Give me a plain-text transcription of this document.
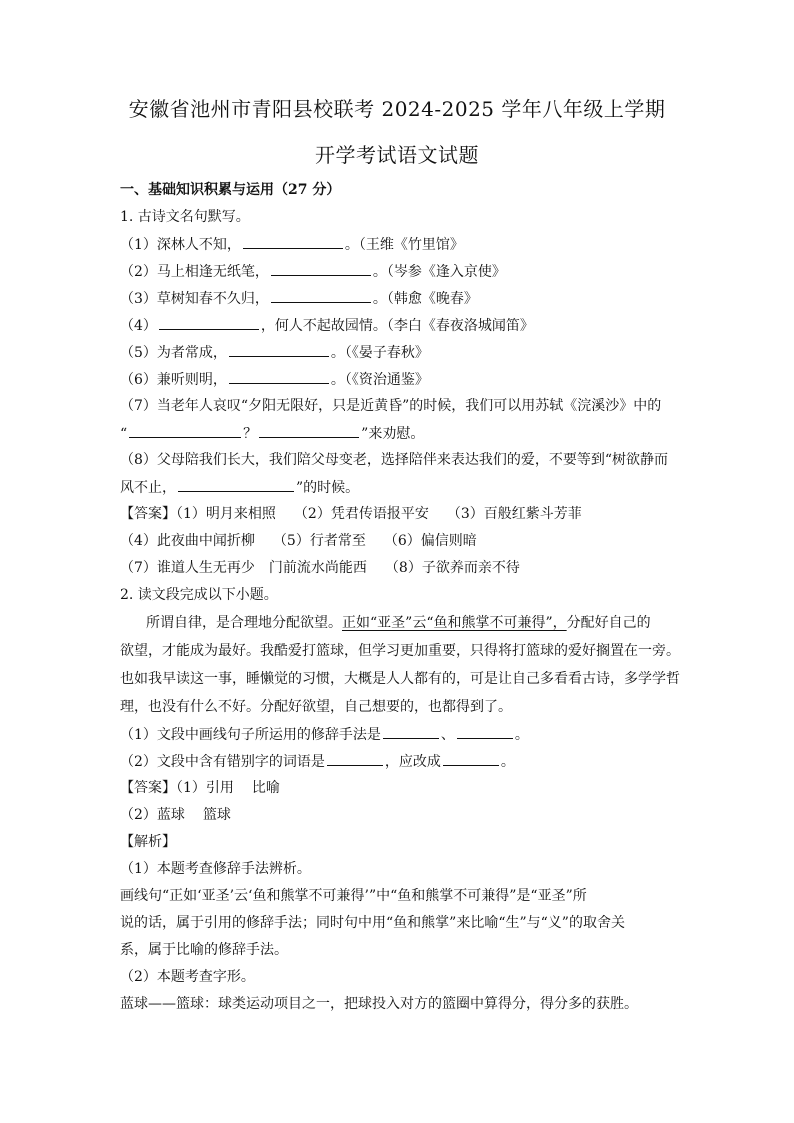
安徽省池州市青阳县校联考 2024-2025 学年八年级上学期
开学考试语文试题
一、基础知识积累与运用（27 分）
1. 古诗文名句默写。
（1）深林人不知，	。（王维《竹里馆》
（2）马上相逢无纸笔，	。（岑参《逢入京使》
（3）草树知春不久归，	。（韩愈《晚春》
（4）	，何人不起故园情。（李白《春夜洛城闻笛》
（5）为者常成，	。（《晏子春秋》
（6）兼听则明，	。（《资治通鉴》
（7）当老年人哀叹“夕阳无限好，只是近黄昏”的时候，我们可以用苏轼《浣溪沙》中的
“	？	”来劝慰。
（8）父母陪我们长大，我们陪父母变老，选择陪伴来表达我们的爱，不要等到“树欲静而
风不止，	”的时候。
【答案】（1）明月来相照 （2）凭君传语报平安 （3）百般红紫斗芳菲
（4）此夜曲中闻折柳 （5）行者常至 （6）偏信则暗
（7）谁道人生无再少　门前流水尚能西 （8）子欲养而亲不待
2. 读文段完成以下小题。
所谓自律，是合理地分配欲望。正如“亚圣”云“鱼和熊掌不可兼得”，分配好自己的
欲望，才能成为最好。我酷爱打篮球，但学习更加重要，只得将打篮球的爱好搁置在一旁。
也如我早读这一事，睡懒觉的习惯，大概是人人都有的，可是让自己多看看古诗，多学学哲
理，也没有什么不好。分配好欲望，自己想要的，也都得到了。
（1）文段中画线句子所运用的修辞手法是	、	。
（2）文段中含有错别字的词语是	，应改成	。
【答案】（1）引用 比喻
（2）蓝球 篮球
【解析】
（1）本题考查修辞手法辨析。
画线句“正如‘亚圣’云‘鱼和熊掌不可兼得’”中“鱼和熊掌不可兼得”是“亚圣”所
说的话，属于引用的修辞手法；同时句中用“鱼和熊掌”来比喻“生”与“义”的取舍关
系，属于比喻的修辞手法。
（2）本题考查字形。
蓝球——篮球：球类运动项目之一，把球投入对方的篮圈中算得分，得分多的获胜。
